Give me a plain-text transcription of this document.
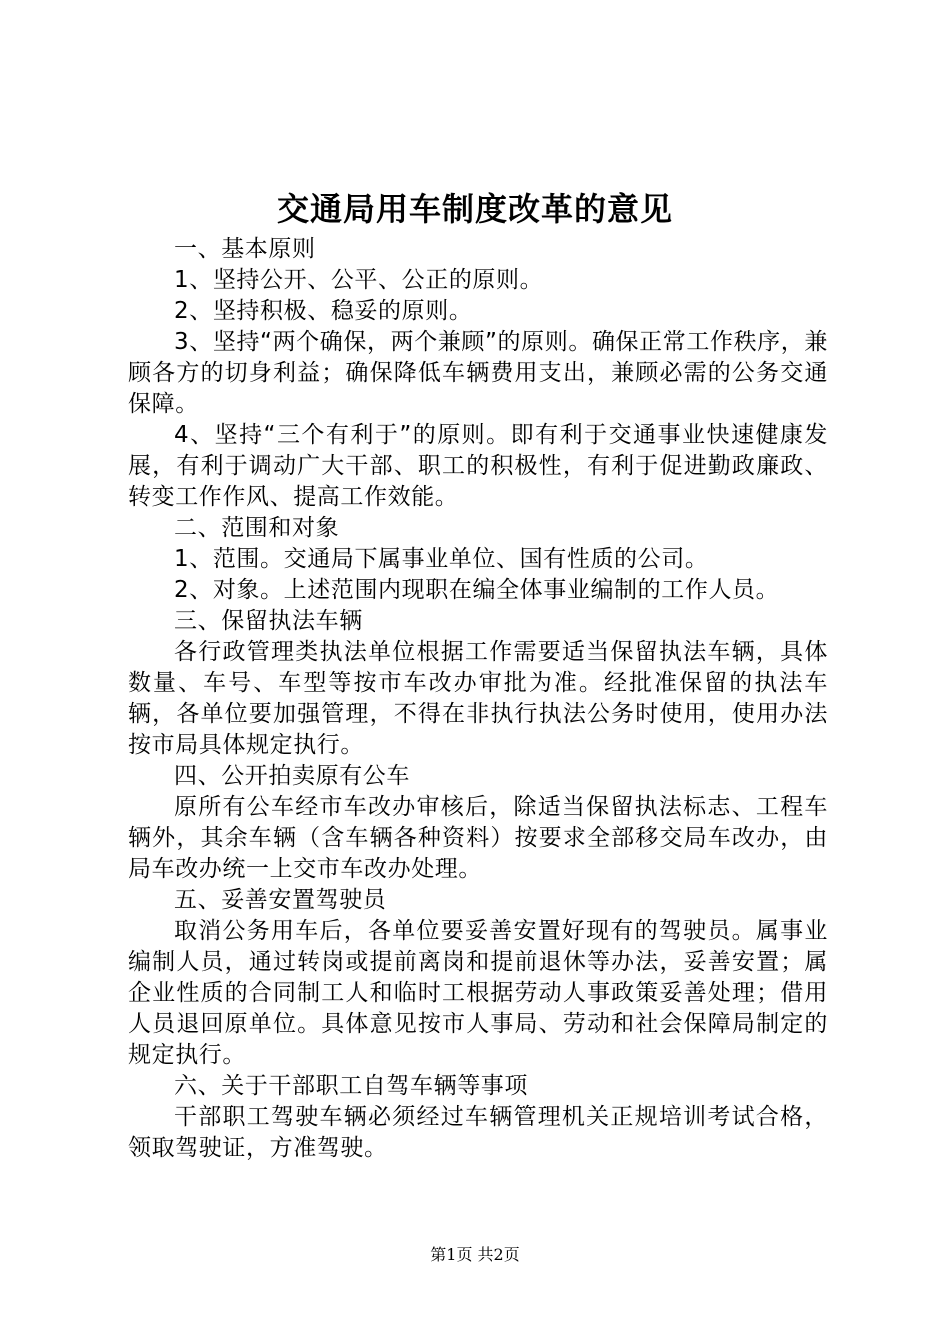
交通局用车制度改革的意见

一、基本原则

1、坚持公开、公平、公正的原则。

2、坚持积极、稳妥的原则。

3、坚持“两个确保，两个兼顾”的原则。确保正常工作秩序，兼顾各方的切身利益；确保降低车辆费用支出，兼顾必需的公务交通保障。

4、坚持“三个有利于”的原则。即有利于交通事业快速健康发展，有利于调动广大干部、职工的积极性，有利于促进勤政廉政、转变工作作风、提高工作效能。

二、范围和对象

1、范围。交通局下属事业单位、国有性质的公司。

2、对象。上述范围内现职在编全体事业编制的工作人员。

三、保留执法车辆

各行政管理类执法单位根据工作需要适当保留执法车辆，具体数量、车号、车型等按市车改办审批为准。经批准保留的执法车辆，各单位要加强管理，不得在非执行执法公务时使用，使用办法按市局具体规定执行。

四、公开拍卖原有公车

原所有公车经市车改办审核后，除适当保留执法标志、工程车辆外，其余车辆（含车辆各种资料）按要求全部移交局车改办，由局车改办统一上交市车改办处理。

五、妥善安置驾驶员

取消公务用车后，各单位要妥善安置好现有的驾驶员。属事业编制人员，通过转岗或提前离岗和提前退休等办法，妥善安置；属企业性质的合同制工人和临时工根据劳动人事政策妥善处理；借用人员退回原单位。具体意见按市人事局、劳动和社会保障局制定的规定执行。

六、关于干部职工自驾车辆等事项

干部职工驾驶车辆必须经过车辆管理机关正规培训考试合格，领取驾驶证，方准驾驶。

第1页 共2页
